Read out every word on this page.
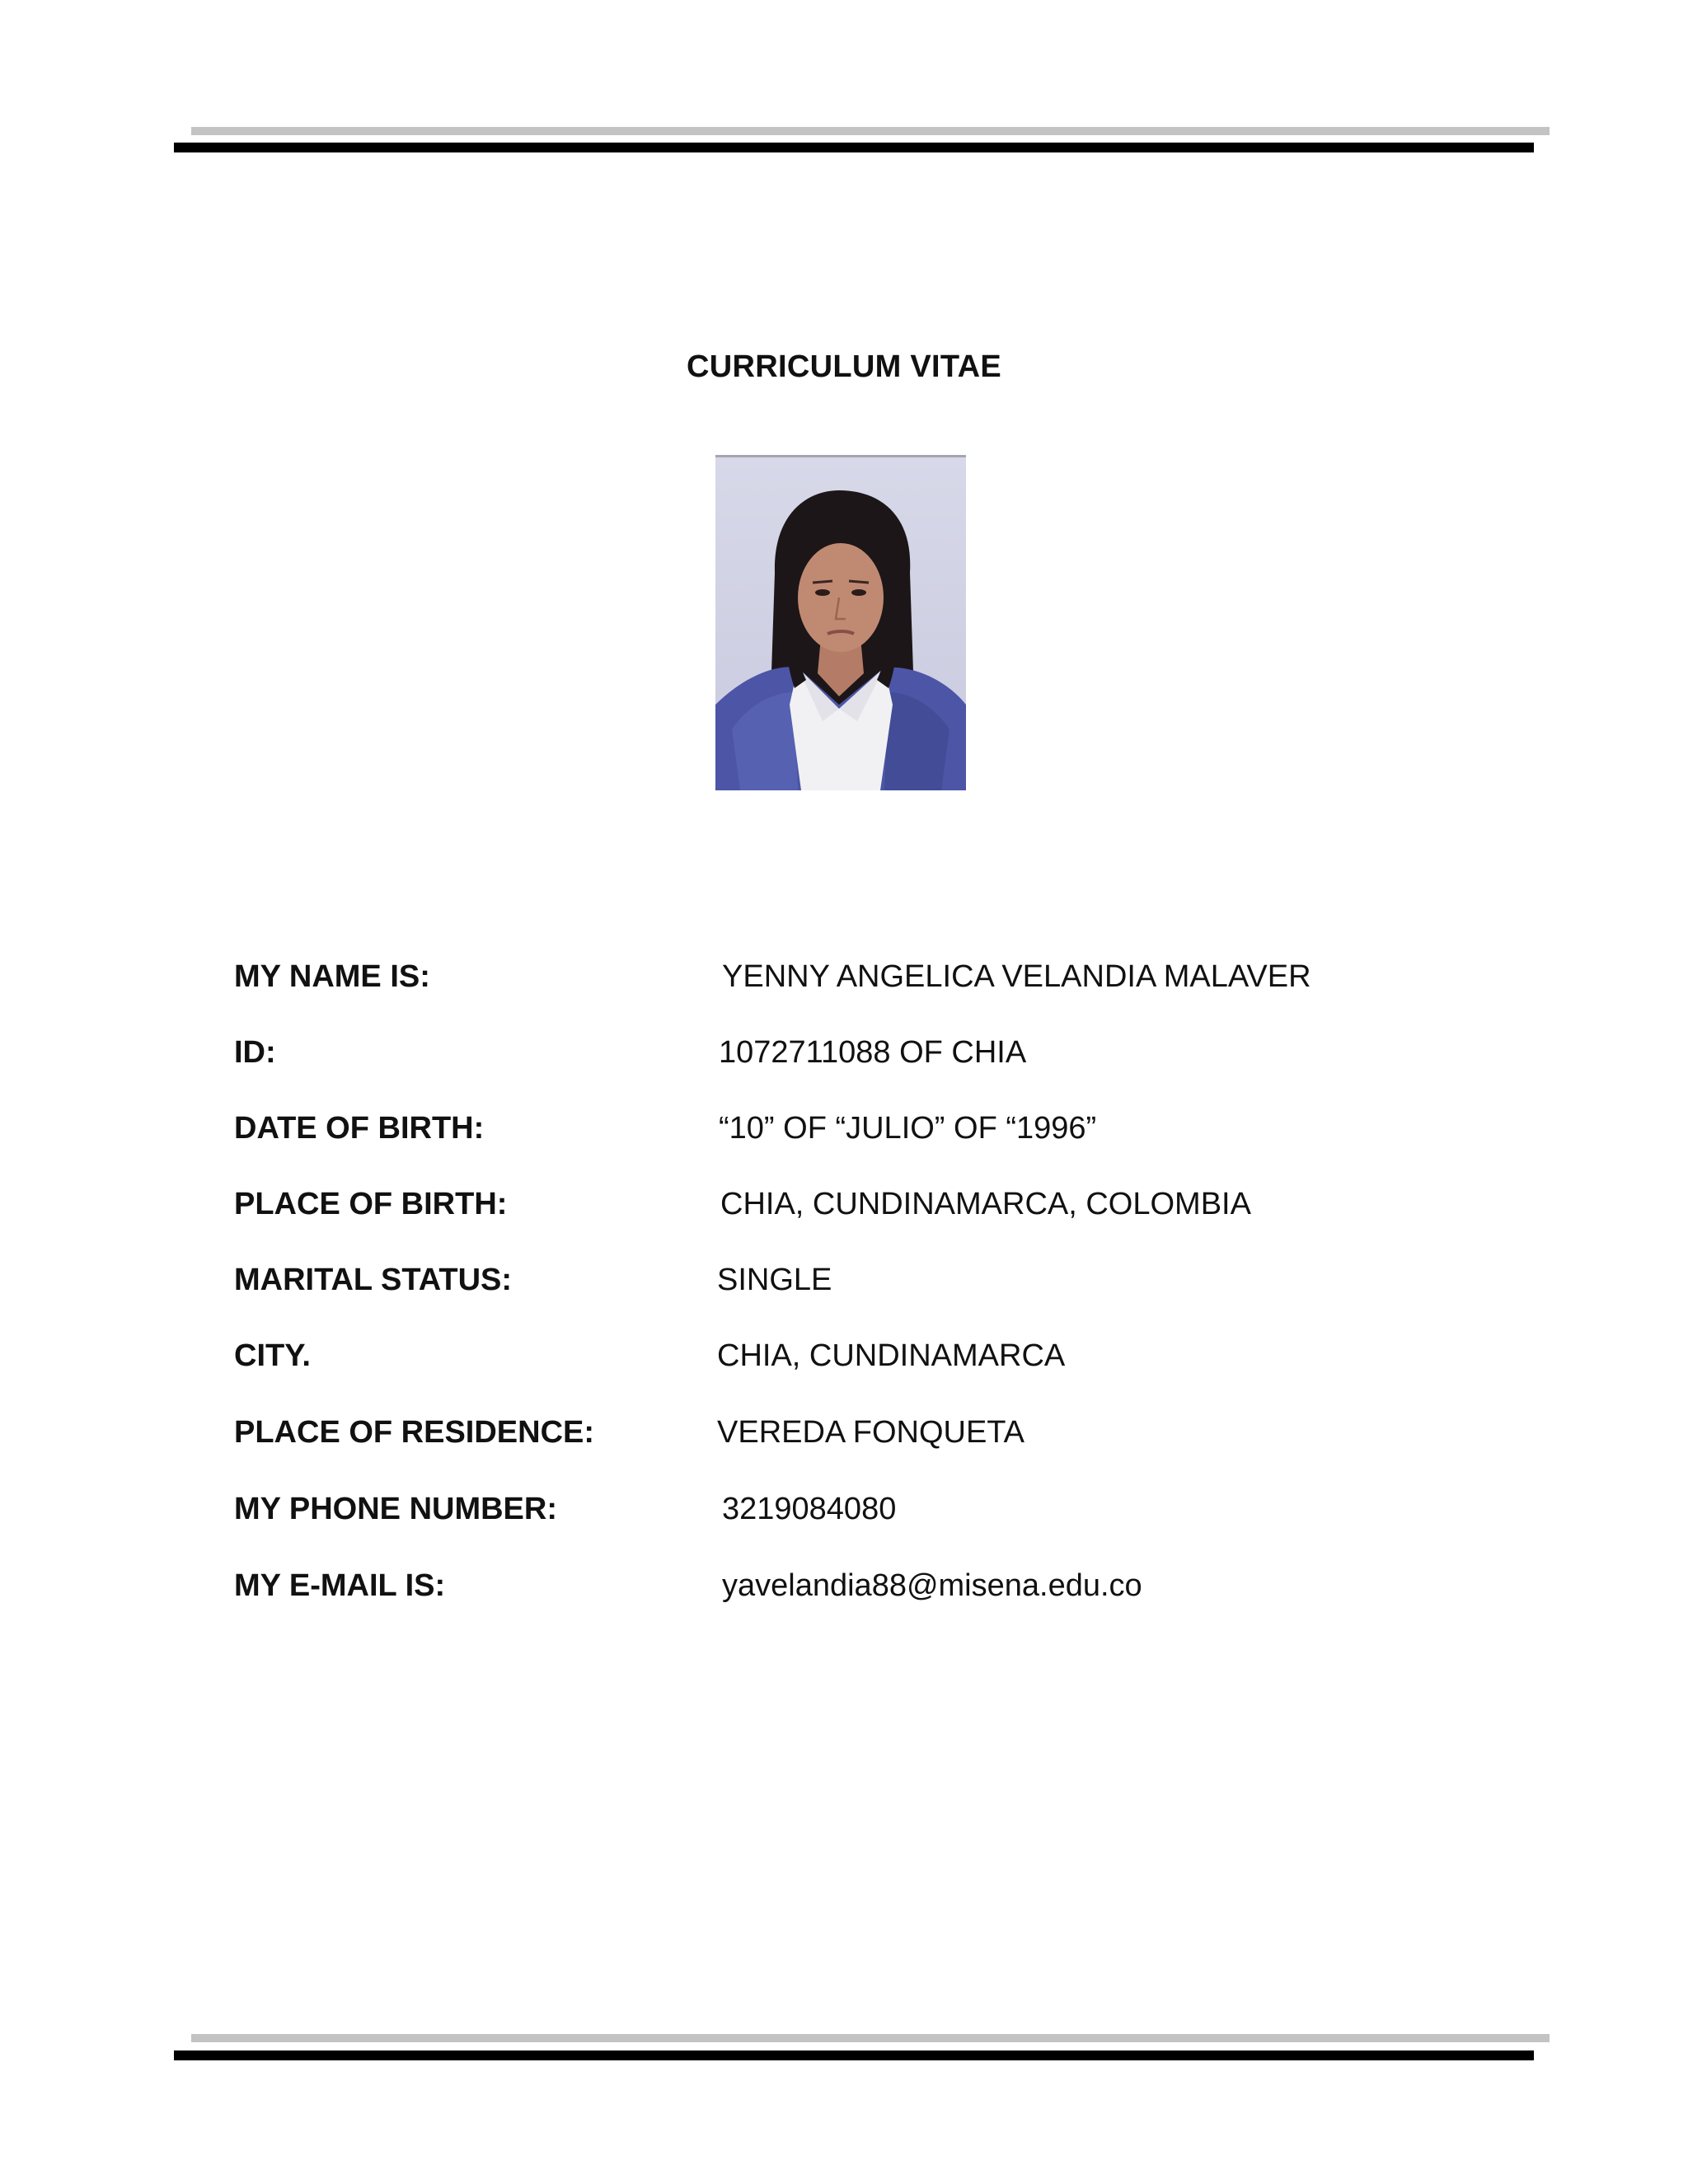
CURRICULUM VITAE
MY NAME IS:	YENNY ANGELICA VELANDIA MALAVER
ID:	1072711088 OF CHIA
DATE OF BIRTH:	“10” OF “JULIO” OF “1996”
PLACE OF BIRTH:	CHIA, CUNDINAMARCA, COLOMBIA
MARITAL STATUS:	SINGLE
CITY.	CHIA, CUNDINAMARCA
PLACE OF RESIDENCE:	VEREDA FONQUETA
MY PHONE NUMBER:	3219084080
MY E-MAIL IS:	yavelandia88@misena.edu.co
